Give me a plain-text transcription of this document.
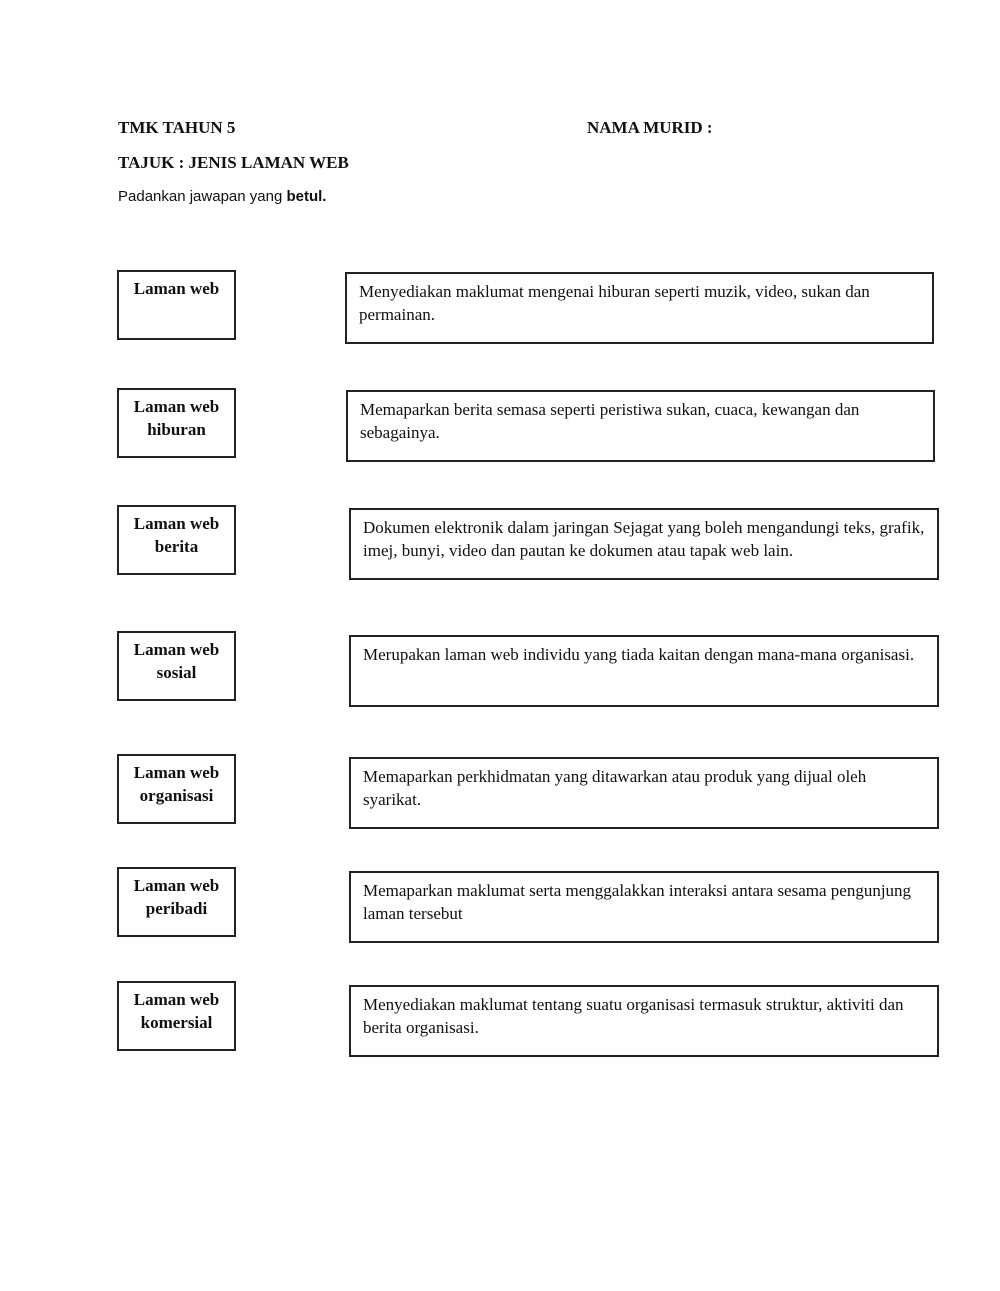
TMK TAHUN 5	NAMA MURID :
TAJUK : JENIS LAMAN WEB
Padankan jawapan yang betul.
Laman web
Laman web
hiburan
Laman web
berita
Laman web
sosial
Laman web
organisasi
Laman web
peribadi
Laman web
komersial
Menyediakan maklumat mengenai hiburan seperti muzik, video, sukan dan permainan.
Memaparkan berita semasa seperti peristiwa sukan, cuaca, kewangan dan sebagainya.
Dokumen elektronik dalam jaringan Sejagat yang boleh mengandungi teks, grafik, imej, bunyi, video dan pautan ke dokumen atau tapak web lain.
Merupakan laman web individu yang tiada kaitan dengan mana-mana organisasi.
Memaparkan perkhidmatan yang ditawarkan atau produk yang dijual oleh syarikat.
Memaparkan maklumat serta menggalakkan interaksi antara sesama pengunjung laman tersebut
Menyediakan maklumat tentang suatu organisasi termasuk struktur, aktiviti dan berita organisasi.
